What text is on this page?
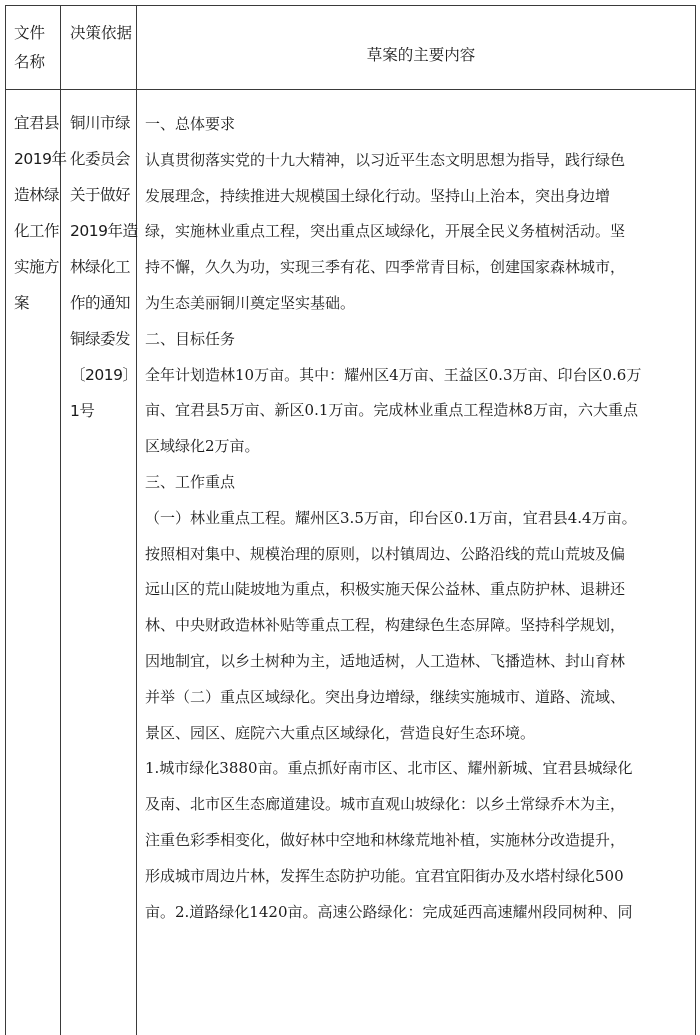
文件
名称
决策依据
草案的主要内容
宜君县
2019年
造林绿
化工作
实施方
案
铜川市绿
化委员会
关于做好
2019年造
林绿化工
作的通知
铜绿委发
〔2019〕
1号

一、总体要求

认真贯彻落实党的十九大精神，以习近平生态文明思想为指导，践行绿色
发展理念，持续推进大规模国土绿化行动。坚持山上治本，突出身边增
绿，实施林业重点工程，突出重点区域绿化，开展全民义务植树活动。坚
持不懈，久久为功，实现三季有花、四季常青目标，创建国家森林城市，
为生态美丽铜川奠定坚实基础。

二、目标任务

全年计划造林10万亩。其中：耀州区4万亩、王益区0.3万亩、印台区0.6万
亩、宜君县5万亩、新区0.1万亩。完成林业重点工程造林8万亩，六大重点
区域绿化2万亩。

三、工作重点

（一）林业重点工程。耀州区3.5万亩，印台区0.1万亩，宜君县4.4万亩。
按照相对集中、规模治理的原则，以村镇周边、公路沿线的荒山荒坡及偏
远山区的荒山陡坡地为重点，积极实施天保公益林、重点防护林、退耕还
林、中央财政造林补贴等重点工程，构建绿色生态屏障。坚持科学规划，
因地制宜，以乡土树种为主，适地适树，人工造林、飞播造林、封山育林
并举（二）重点区域绿化。突出身边增绿，继续实施城市、道路、流域、
景区、园区、庭院六大重点区域绿化，营造良好生态环境。

1.城市绿化3880亩。重点抓好南市区、北市区、耀州新城、宜君县城绿化
及南、北市区生态廊道建设。城市直观山坡绿化：以乡土常绿乔木为主，
注重色彩季相变化，做好林中空地和林缘荒地补植，实施林分改造提升，
形成城市周边片林，发挥生态防护功能。宜君宜阳街办及水塔村绿化500
亩。2.道路绿化1420亩。高速公路绿化：完成延西高速耀州段同树种、同
